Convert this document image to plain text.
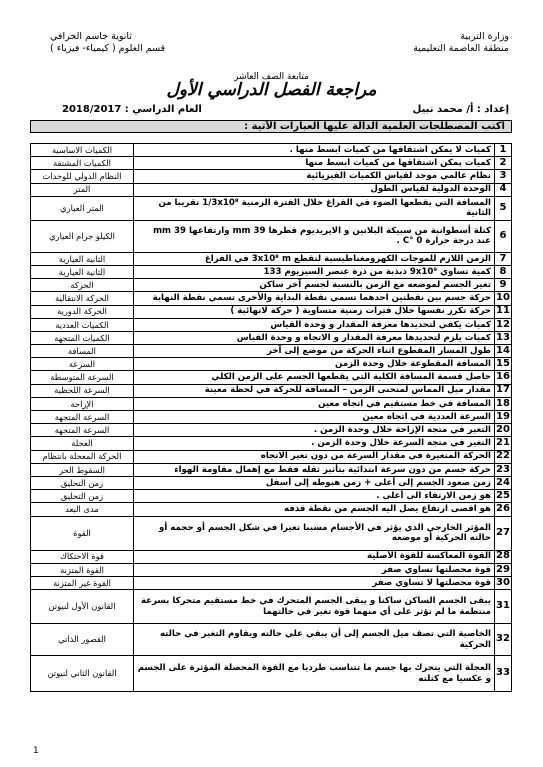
وزارة التربية
منطقة العاصمة التعليمية
ثانوية جاسم الخرافي
قسم العلوم ( كيمياء- فيزياء )
متابعة الصف العاشر
مراجعة الفصل الدراسي الأول
إعداد : أ/ محمد نبيل
العام الدراسي : 2018/2017
اكتب المصطلحات العلمية الدالة عليها العبارات الآتية :
الكميات الاساسية	كميات لا يمكن اشتقاقها من كميات ابسط منها .	1
الكميات المشتقة	كميات يمكن اشتقاقها من كميات ابسط منها	2
النظام الدولي للوحدات	نظام عالمي موحد لقياس الكميات الفيزيائية	3
المتر	الوحدة الدولية لقياس الطول	4
المتر العياري	المسافة التي يقطعها الضوء في الفراغ خلال الفترة الزمنية 1/3x10⁸ تقريبا من الثانية	5
الكيلو جرام العياري	كتلة أسطوانية من سبيكة البلاتين و الايريديوم قطرها 39 mm وارتفاعها 39 mm عند درجة حرارة 0 °C .	6
الثانية العيارية	الزمن اللازم للموجات الكهرومغناطيسية لتقطع 3x10⁸ m في الفراغ	7
الثانية العيارية	كمية تساوي 9x10⁹ ذبذبة من ذرة عنصر السيزيوم 133	8
الحركة	تغير الجسم لموضعه مع الزمن بالنسبة لجسم آخر ساكن	9
الحركة الانتقالية	حركة جسم بين نقطتين احدهما تسمي نقطة البداية والأخرى تسمي نقطة النهاية	10
الحركة الدورية	حركة تكرر نفسها خلال فترات زمنية متساوية ( حركة لانهائية )	11
الكميات العددية	كميات يكفي لتحديدها معرفة المقدار و وحدة القياس	12
الكميات المتجهة	كميات يلزم لتحديدها معرفة المقدار و الاتجاه و وحدة القياس	13
المسافة	طول المسار المقطوع اثناء الحركة من موضع إلى آخر	14
السرعة	المسافة المقطوعة خلال وحدة الزمن	15
السرعة المتوسطة	حاصل قسمة المسافة الكلية التي يقطعها الجسم على الزمن الكلي	16
السرعة اللحظية	مقدار ميل المماس لمنحنى الزمن – المسافة للحركة في لحظة معينة	17
الإزاحة	المسافة في خط مستقيم في اتجاه معين	18
السرعة المتجهة	السرعة العددية في اتجاه معين	19
السرعة المتجهة	التغير في متجه الإزاحة خلال وحدة الزمن .	20
العجلة	التغير في متجه السرعة خلال وحدة الزمن .	21
الحركة المعجلة بانتظام	الحركة المتغيرة في مقدار السرعة من دون تغير الاتجاه	22
السقوط الحر	حركة جسم من دون سرعة ابتدائية بتأثير ثقله فقط مع إهمال مقاومة الهواء	23
زمن التحليق	زمن صعود الجسم إلى أعلى + زمن هبوطه إلى أسفل	24
زمن التحليق	هو زمن الارتقاء الى أعلى .	25
مدى البعد	هو اقصى ارتفاع يصل اليه الجسم من نقطة قذفه	26
القوة	المؤثر الخارجي الذي يؤثر في الأجسام مسببا تغيرا في شكل الجسم أو حجمه أو حالته الحركية أو موضعه	27
قوة الاحتكاك	القوة المعاكسة للقوة الأصلية	28
القوة المتزنة	قوة محصلتها تساوي صفر	29
القوة غير المتزنة	قوة محصلتها لا تساوي صفر	30
القانون الأول لنيوتن	يبقى الجسم الساكن ساكنا و يبقى الجسم المتحرك في خط مستقيم متحركا بسرعة منتظمة ما لم تؤثر على أي منهما قوة تغير في حالتهما	31
القصور الذاتي	الخاصية التي تصف ميل الجسم إلى أن يبقي علي حالته ويقاوم التغير في حالته الحركية	32
القانون الثاني لنيوتن	العجلة التي يتحرك بها جسم ما تتناسب طرديا مع القوة المحصلة المؤثرة على الجسم و عكسيا مع كتلته	33
1
